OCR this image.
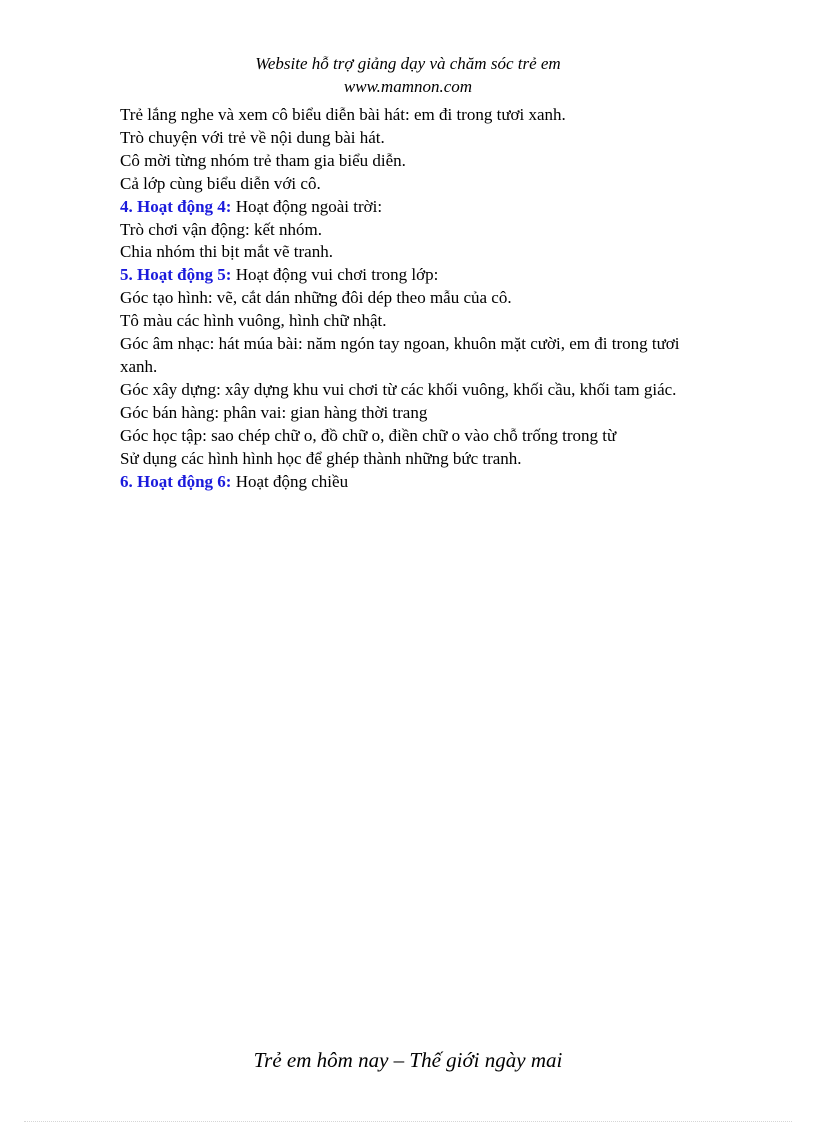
Website hỗ trợ giảng dạy và chăm sóc trẻ em
www.mamnon.com
Trẻ lắng nghe và xem cô biểu diễn bài hát: em đi trong tươi xanh.
Trò chuyện với trẻ về nội dung bài hát.
Cô mời từng nhóm trẻ tham gia biểu diễn.
Cả lớp cùng biểu diễn với cô.
4. Hoạt động 4: Hoạt động ngoài trời:
Trò chơi vận động: kết nhóm.
Chia nhóm thi bịt mắt vẽ tranh.
5. Hoạt động 5: Hoạt động vui chơi trong lớp:
Góc tạo hình: vẽ, cắt dán những đôi dép theo mẫu của cô.
Tô màu các hình vuông, hình chữ nhật.
Góc âm nhạc: hát múa bài: năm ngón tay ngoan, khuôn mặt cười, em đi trong tươi xanh.
Góc xây dựng: xây dựng khu vui chơi từ các khối vuông, khối cầu, khối tam giác.
Góc bán hàng: phân vai: gian hàng thời trang
Góc học tập: sao chép chữ o, đồ chữ o, điền chữ o vào chỗ trống trong từ
Sử dụng các hình hình học để ghép thành những bức tranh.
6. Hoạt động 6: Hoạt động chiều
Trẻ em hôm nay – Thế giới ngày mai
